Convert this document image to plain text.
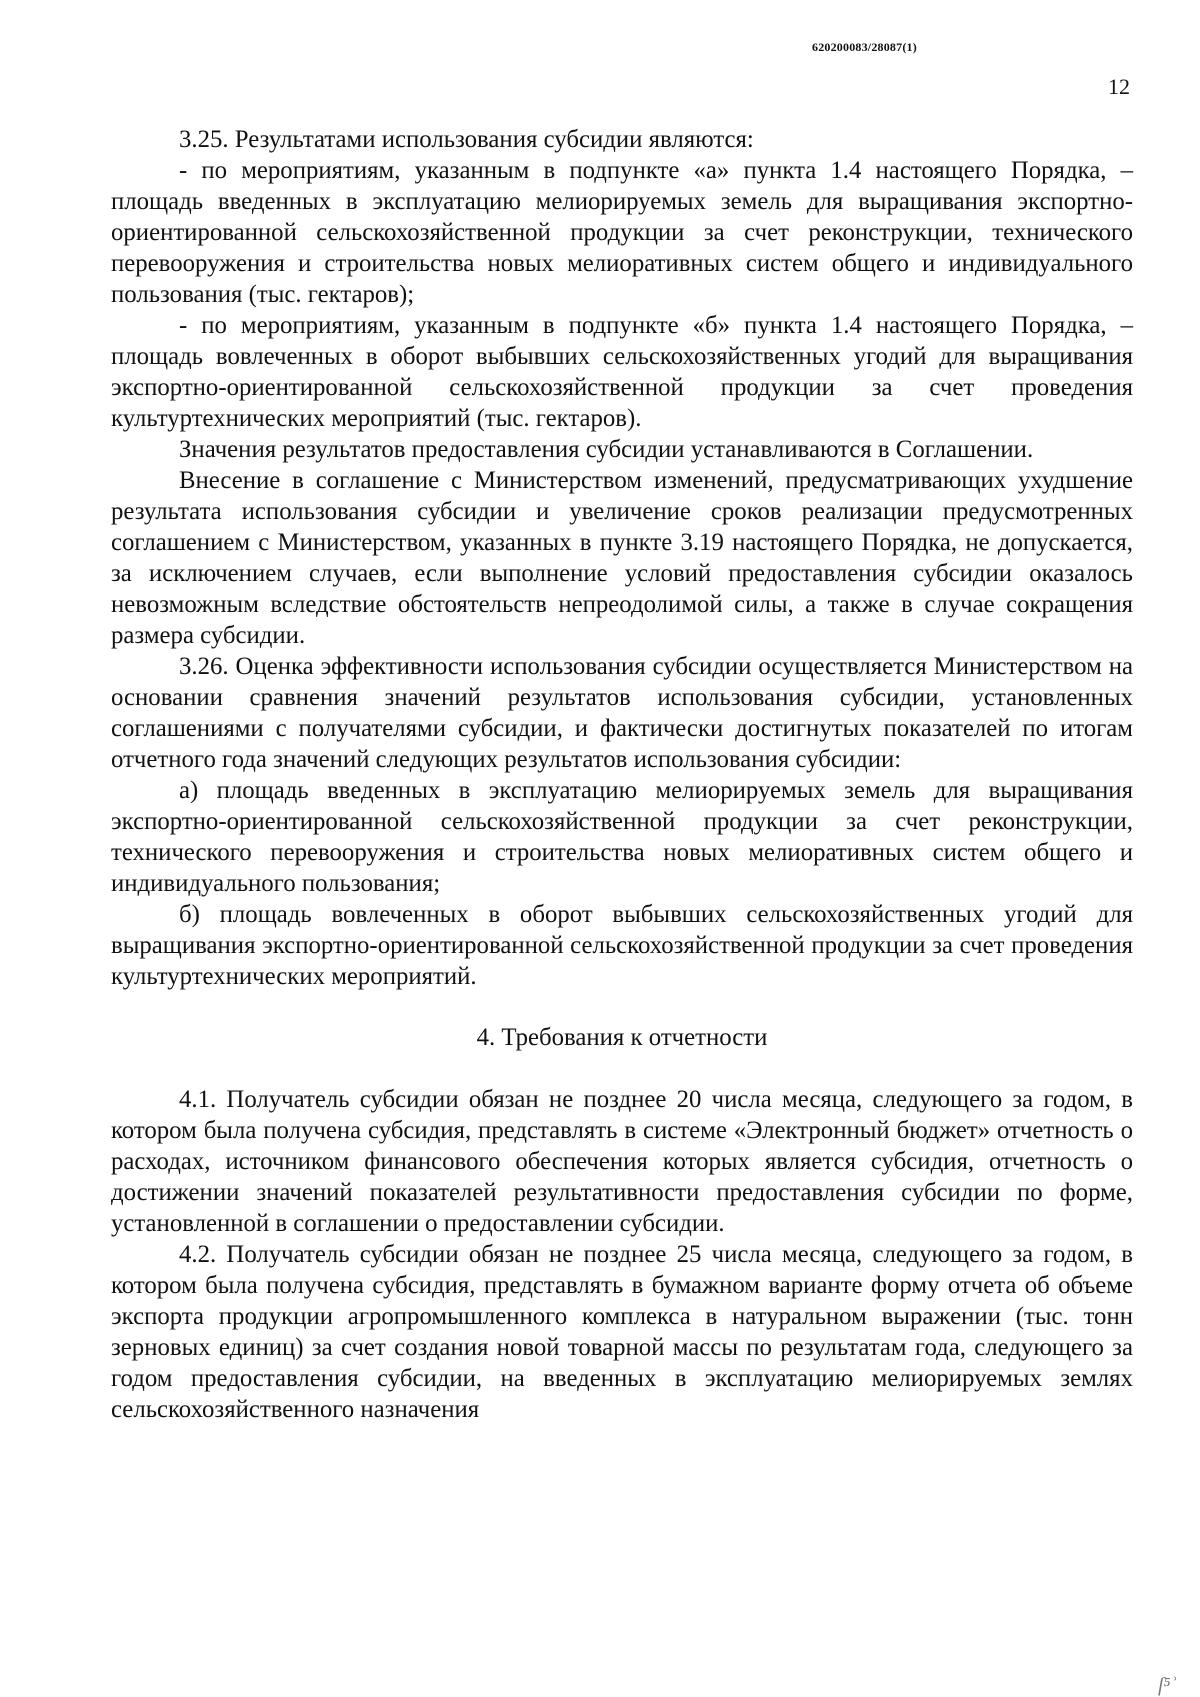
620200083/28087(1)
12

3.25. Результатами использования субсидии являются:

- по мероприятиям, указанным в подпункте «а» пункта 1.4 настоящего Порядка, – площадь введенных в эксплуатацию мелиорируемых земель для выращивания экспортно-ориентированной сельскохозяйственной продукции за счет реконструкции, технического перевооружения и строительства новых мелиоративных систем общего и индивидуального пользования (тыс. гектаров);

- по мероприятиям, указанным в подпункте «б» пункта 1.4 настоящего Порядка, – площадь вовлеченных в оборот выбывших сельскохозяйственных угодий для выращивания экспортно-ориентированной сельскохозяйственной продукции за счет проведения культуртехнических мероприятий (тыс. гектаров).

Значения результатов предоставления субсидии устанавливаются в Соглашении.

Внесение в соглашение с Министерством изменений, предусматривающих ухудшение результата использования субсидии и увеличение сроков реализации предусмотренных соглашением с Министерством, указанных в пункте 3.19 настоящего Порядка, не допускается, за исключением случаев, если выполнение условий предоставления субсидии оказалось невозможным вследствие обстоятельств непреодолимой силы, а также в случае сокращения размера субсидии.

3.26. Оценка эффективности использования субсидии осуществляется Министерством на основании сравнения значений результатов использования субсидии, установленных соглашениями с получателями субсидии, и фактически достигнутых показателей по итогам отчетного года значений следующих результатов использования субсидии:

а) площадь введенных в эксплуатацию мелиорируемых земель для выращивания экспортно-ориентированной сельскохозяйственной продукции за счет реконструкции, технического перевооружения и строительства новых мелиоративных систем общего и индивидуального пользования;

б) площадь вовлеченных в оборот выбывших сельскохозяйственных угодий для выращивания экспортно-ориентированной сельскохозяйственной продукции за счет проведения культуртехнических мероприятий.

4. Требования к отчетности

4.1. Получатель субсидии обязан не позднее 20 числа месяца, следующего за годом, в котором была получена субсидия, представлять в системе «Электронный бюджет» отчетность о расходах, источником финансового обеспечения которых является субсидия, отчетность о достижении значений показателей результативности предоставления субсидии по форме, установленной в соглашении о предоставлении субсидии.

4.2. Получатель субсидии обязан не позднее 25 числа месяца, следующего за годом, в котором была получена субсидия, представлять в бумажном варианте форму отчета об объеме экспорта продукции агропромышленного комплекса в натуральном выражении (тыс. тонн зерновых единиц) за счет создания новой товарной массы по результатам года, следующего за годом предоставления субсидии, на введенных в эксплуатацию мелиорируемых землях сельскохозяйственного назначения

ſ⁵ʾ
